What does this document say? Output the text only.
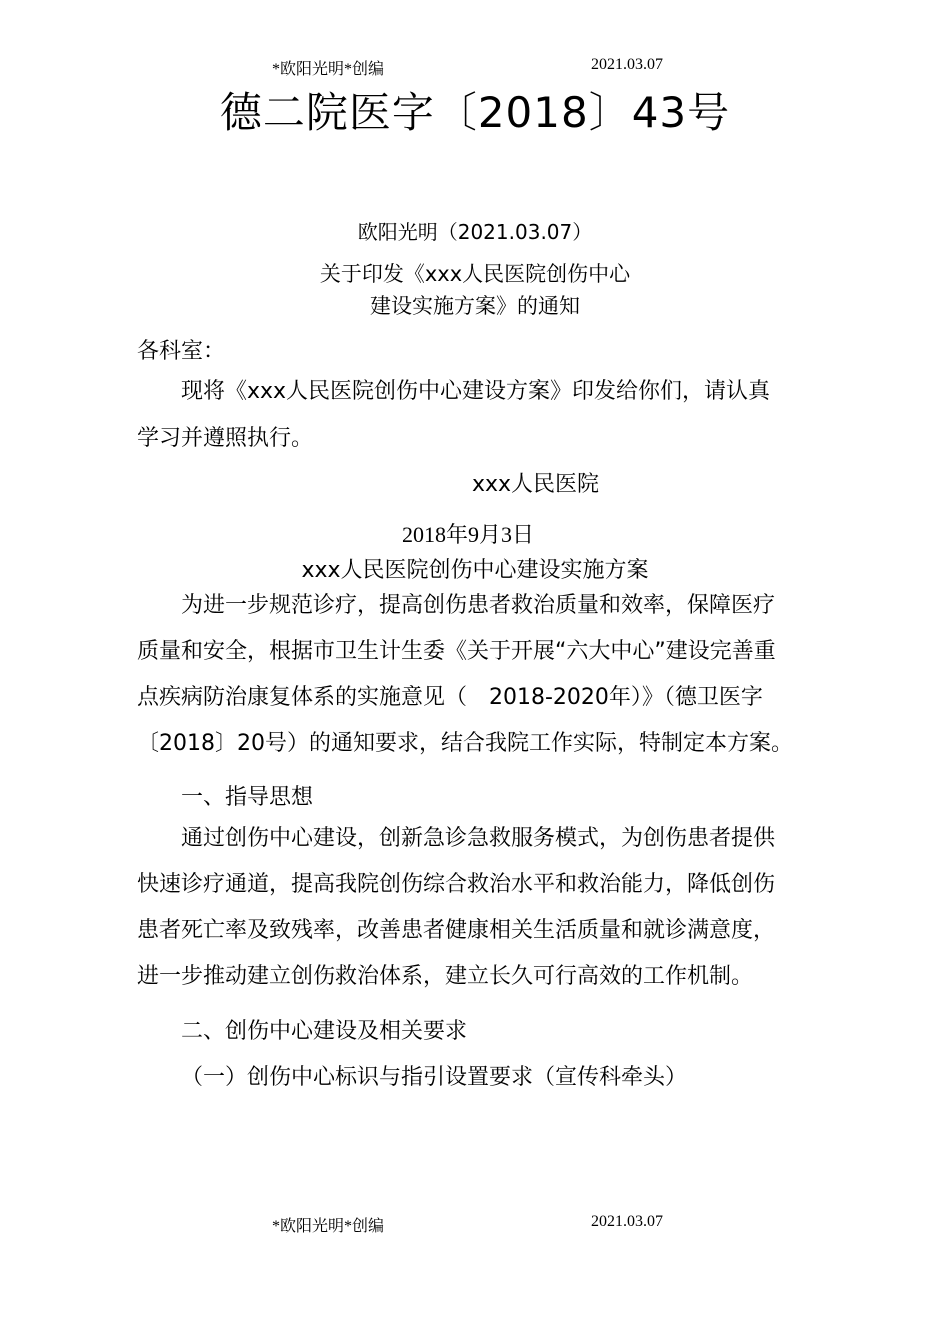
*欧阳光明*创编	2021.03.07
德二院医字〔2018〕43号
欧阳光明（2021.03.07）
关于印发《xxx人民医院创伤中心
建设实施方案》的通知
各科室：
现将《xxx人民医院创伤中心建设方案》印发给你们，请认真
学习并遵照执行。
xxx人民医院
2018年9月3日
xxx人民医院创伤中心建设实施方案
为进一步规范诊疗，提高创伤患者救治质量和效率，保障医疗
质量和安全，根据市卫生计生委《关于开展“六大中心”建设完善重
点疾病防治康复体系的实施意见（　2018-2020年）》（德卫医字
〔2018〕20号）的通知要求，结合我院工作实际，特制定本方案。
一、指导思想
通过创伤中心建设，创新急诊急救服务模式，为创伤患者提供
快速诊疗通道，提高我院创伤综合救治水平和救治能力，降低创伤
患者死亡率及致残率，改善患者健康相关生活质量和就诊满意度，
进一步推动建立创伤救治体系，建立长久可行高效的工作机制。
二、创伤中心建设及相关要求
（一）创伤中心标识与指引设置要求（宣传科牵头）
*欧阳光明*创编	2021.03.07
